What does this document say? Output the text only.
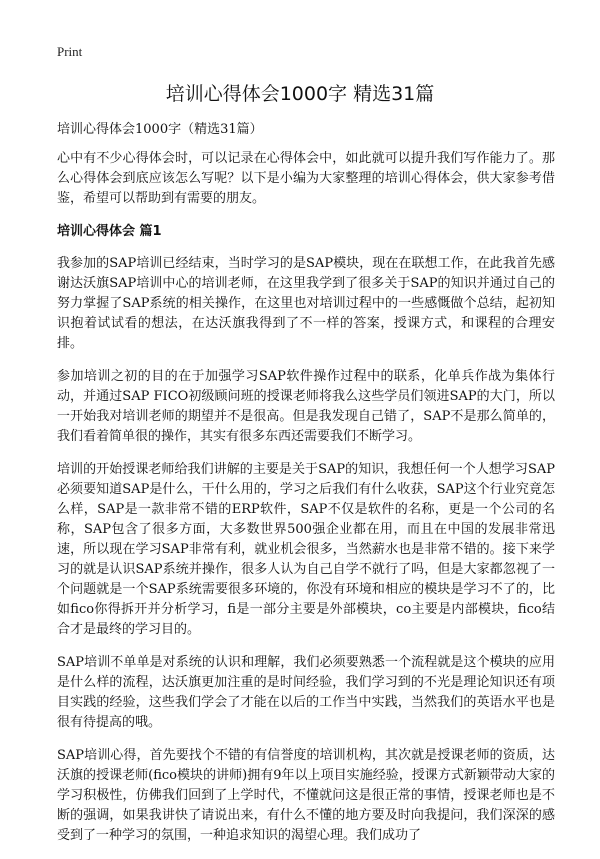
Print
培训心得体会1000字 精选31篇
培训心得体会1000字（精选31篇）

心中有不少心得体会时，可以记录在心得体会中，如此就可以提升我们写作能力了。那么心得体会到底应该怎么写呢？以下是小编为大家整理的培训心得体会，供大家参考借鉴，希望可以帮助到有需要的朋友。

培训心得体会 篇1

我参加的SAP培训已经结束，当时学习的是SAP模块，现在在联想工作，在此我首先感谢达沃旗SAP培训中心的培训老师，在这里我学到了很多关于SAP的知识并通过自己的努力掌握了SAP系统的相关操作，在这里也对培训过程中的一些感慨做个总结，起初知识抱着试试看的想法，在达沃旗我得到了不一样的答案，授课方式，和课程的合理安排。

参加培训之初的目的在于加强学习SAP软件操作过程中的联系，化单兵作战为集体行动，并通过SAP FICO初级顾问班的授课老师将我么这些学员们领进SAP的大门，所以一开始我对培训老师的期望并不是很高。但是我发现自己错了，SAP不是那么简单的，我们看着简单很的操作，其实有很多东西还需要我们不断学习。

培训的开始授课老师给我们讲解的主要是关于SAP的知识，我想任何一个人想学习SAP必须要知道SAP是什么，干什么用的，学习之后我们有什么收获，SAP这个行业究竟怎么样，SAP是一款非常不错的ERP软件，SAP不仅是软件的名称，更是一个公司的名称，SAP包含了很多方面，大多数世界500强企业都在用，而且在中国的发展非常迅速，所以现在学习SAP非常有利，就业机会很多，当然薪水也是非常不错的。接下来学习的就是认识SAP系统并操作，很多人认为自己自学不就行了吗，但是大家都忽视了一个问题就是一个SAP系统需要很多环境的，你没有环境和相应的模块是学习不了的，比如fico你得拆开并分析学习，fi是一部分主要是外部模块，co主要是内部模块，fico结合才是最终的学习目的。

SAP培训不单单是对系统的认识和理解，我们必须要熟悉一个流程就是这个模块的应用是什么样的流程，达沃旗更加注重的是时间经验，我们学习到的不光是理论知识还有项目实践的经验，这些我们学会了才能在以后的工作当中实践，当然我们的英语水平也是很有待提高的哦。

SAP培训心得，首先要找个不错的有信誉度的培训机构，其次就是授课老师的资质，达沃旗的授课老师(fico模块的讲师)拥有9年以上项目实施经验，授课方式新颖带动大家的学习积极性，仿佛我们回到了上学时代，不懂就问这是很正常的事情，授课老师也是不断的强调，如果我讲快了请说出来，有什么不懂的地方要及时向我提问，我们深深的感受到了一种学习的氛围，一种追求知识的渴望心理。我们成功了
